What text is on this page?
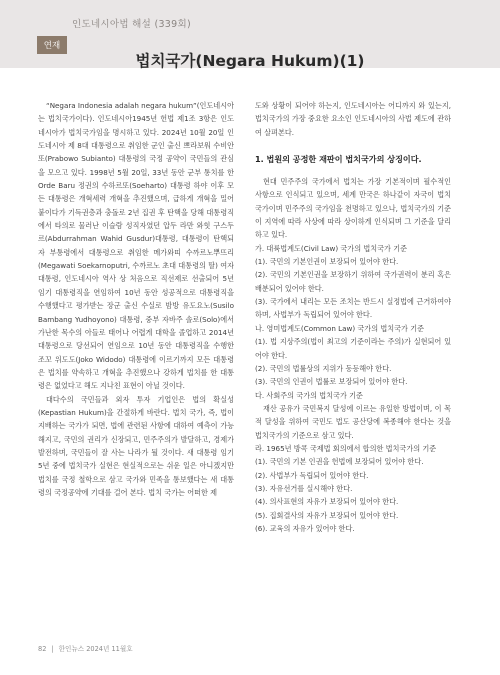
인도네시아법 해설 (339회)
연재
법치국가(Negara Hukum)(1)

“Negara Indonesia adalah negara hukum”(인도네시아는 법치국가이다). 인도네시아1945년 헌법 제1조 3항은 인도네시아가 법치국가임을 명시하고 있다. 2024년 10월 20일 인도네시아 제 8대 대통령으로 취임한 군인 출신 쁘라보워 수비안또(Prabowo Subianto) 대통령의 국정 공약이 국민들의 관심을 모으고 있다. 1998년 5월 20일, 33년 동안 군부 통치를 한 Orde Baru 정권의 수하르또(Soeharto) 대통령 하야 이후 모든 대통령은 개혁세력 개혁을 추진했으며, 급하게 개혁을 밀어붙이다가 기득권층과 충돌로 2년 집권 후 탄핵을 당해 대통령직에서 타의로 물러난 이슬람 성직자였던 압두 라만 와힛 구스두르(Abdurrahman Wahid Gusdur)대통령, 대통령이 탄핵되자 부통령에서 대통령으로 취임한 메가와띠 수까르노뿌뜨리(Megawati Soekarnoputri, 수까르노 초대 대통령의 딸) 여자 대통령, 인도네시아 역사 상 처음으로 직선제로 선출되어 5년 임기 대통령직을 연임하여 10년 동안 성공적으로 대통령직을 수행했다고 평가받는 장군 출신 수실로 밤방 유도요노(Susilo Bambang Yudhoyono) 대통령, 중부 자바주 솔로(Solo)에서 가난한 목수의 아들로 태어나 어렵게 대학을 졸업하고 2014년 대통령으로 당선되어 연임으로 10년 동안 대통령직을 수행한 조꼬 위도도(Joko Widodo) 대통령에 이르기까지 모든 대통령은 법치를 약속하고 개혁을 추진했으나 강하게 법치를 한 대통령은 없었다고 해도 지나친 표현이 아닐 것이다.

대다수의 국민들과 외자 투자 기업인은 법의 확실성(Kepastian Hukum)을 간절하게 바란다. 법치 국가, 즉, 법이 지배하는 국가가 되면, 법에 관련된 사항에 대하여 예측이 가능해지고, 국민의 권리가 신장되고, 민주주의가 발달하고, 경제가 발전하며, 국민들이 잘 사는 나라가 될 것이다. 새 대통령 임기 5년 중에 법치국가 실현은 현실적으로는 쉬운 일은 아니겠지만 법치를 국정 철학으로 삼고 국가와 민족을 통보했다는 새 대통령의 국정공약에 기대를 걸어 본다. 법치 국가는 어떠한 제

도와 상황이 되어야 하는지, 인도네시아는 어디까지 와 있는지, 법치국가의 가장 중요한 요소인 인도네시아의 사법 제도에 관하여 살펴본다.

1. 법원의 공정한 재판이 법치국가의 상징이다.

현대 민주주의 국가에서 법치는 가장 기본적이며 필수적인 사항으로 인식되고 있으며, 세계 만국은 하나같이 자국이 법치국가이며 민주주의 국가임을 천명하고 있으나, 법치국가의 기준이 지역에 따라 사상에 따라 상이하게 인식되며 그 기준을 달리하고 있다.

가. 대륙법계도(Civil Law) 국가의 법치국가 기준

(1). 국민의 기본인권이 보장되어 있어야 한다.

(2). 국민의 기본인권을 보장하기 위하여 국가권력이 분리 혹은 배분되어 있어야 한다.

(3). 국가에서 내리는 모든 조치는 반드시 실정법에 근거하여야 하며, 사법부가 독립되어 있어야 한다.

나. 영미법계도(Common Law) 국가의 법치국가 기준

(1). 법 지상주의(법이 최고의 기준이라는 주의)가 실현되어 있어야 한다.

(2). 국민의 법률상의 지위가 동등해야 한다.

(3). 국민의 인권이 법률로 보장되어 있어야 한다.

다. 사회주의 국가의 법치국가 기준

재산 공유가 국민복지 달성에 이르는 유일한 방법이며, 이 목적 달성을 위하여 국민도 법도 공산당에 복종해야 한다는 것을 법치국가의 기준으로 삼고 있다.

라. 1965년 방콕 국제법 회의에서 합의한 법치국가의 기준

(1). 국민의 기본 인권을 헌법에 보장되어 있어야 한다.

(2). 사법부가 독립되어 있어야 한다.

(3). 자유선거를 실시해야 한다.

(4). 의사표현의 자유가 보장되어 있어야 한다.

(5). 집회결사의 자유가 보장되어 있어야 한다.

(6). 교육의 자유가 있어야 한다.

82 | 한인뉴스 2024년 11월호
